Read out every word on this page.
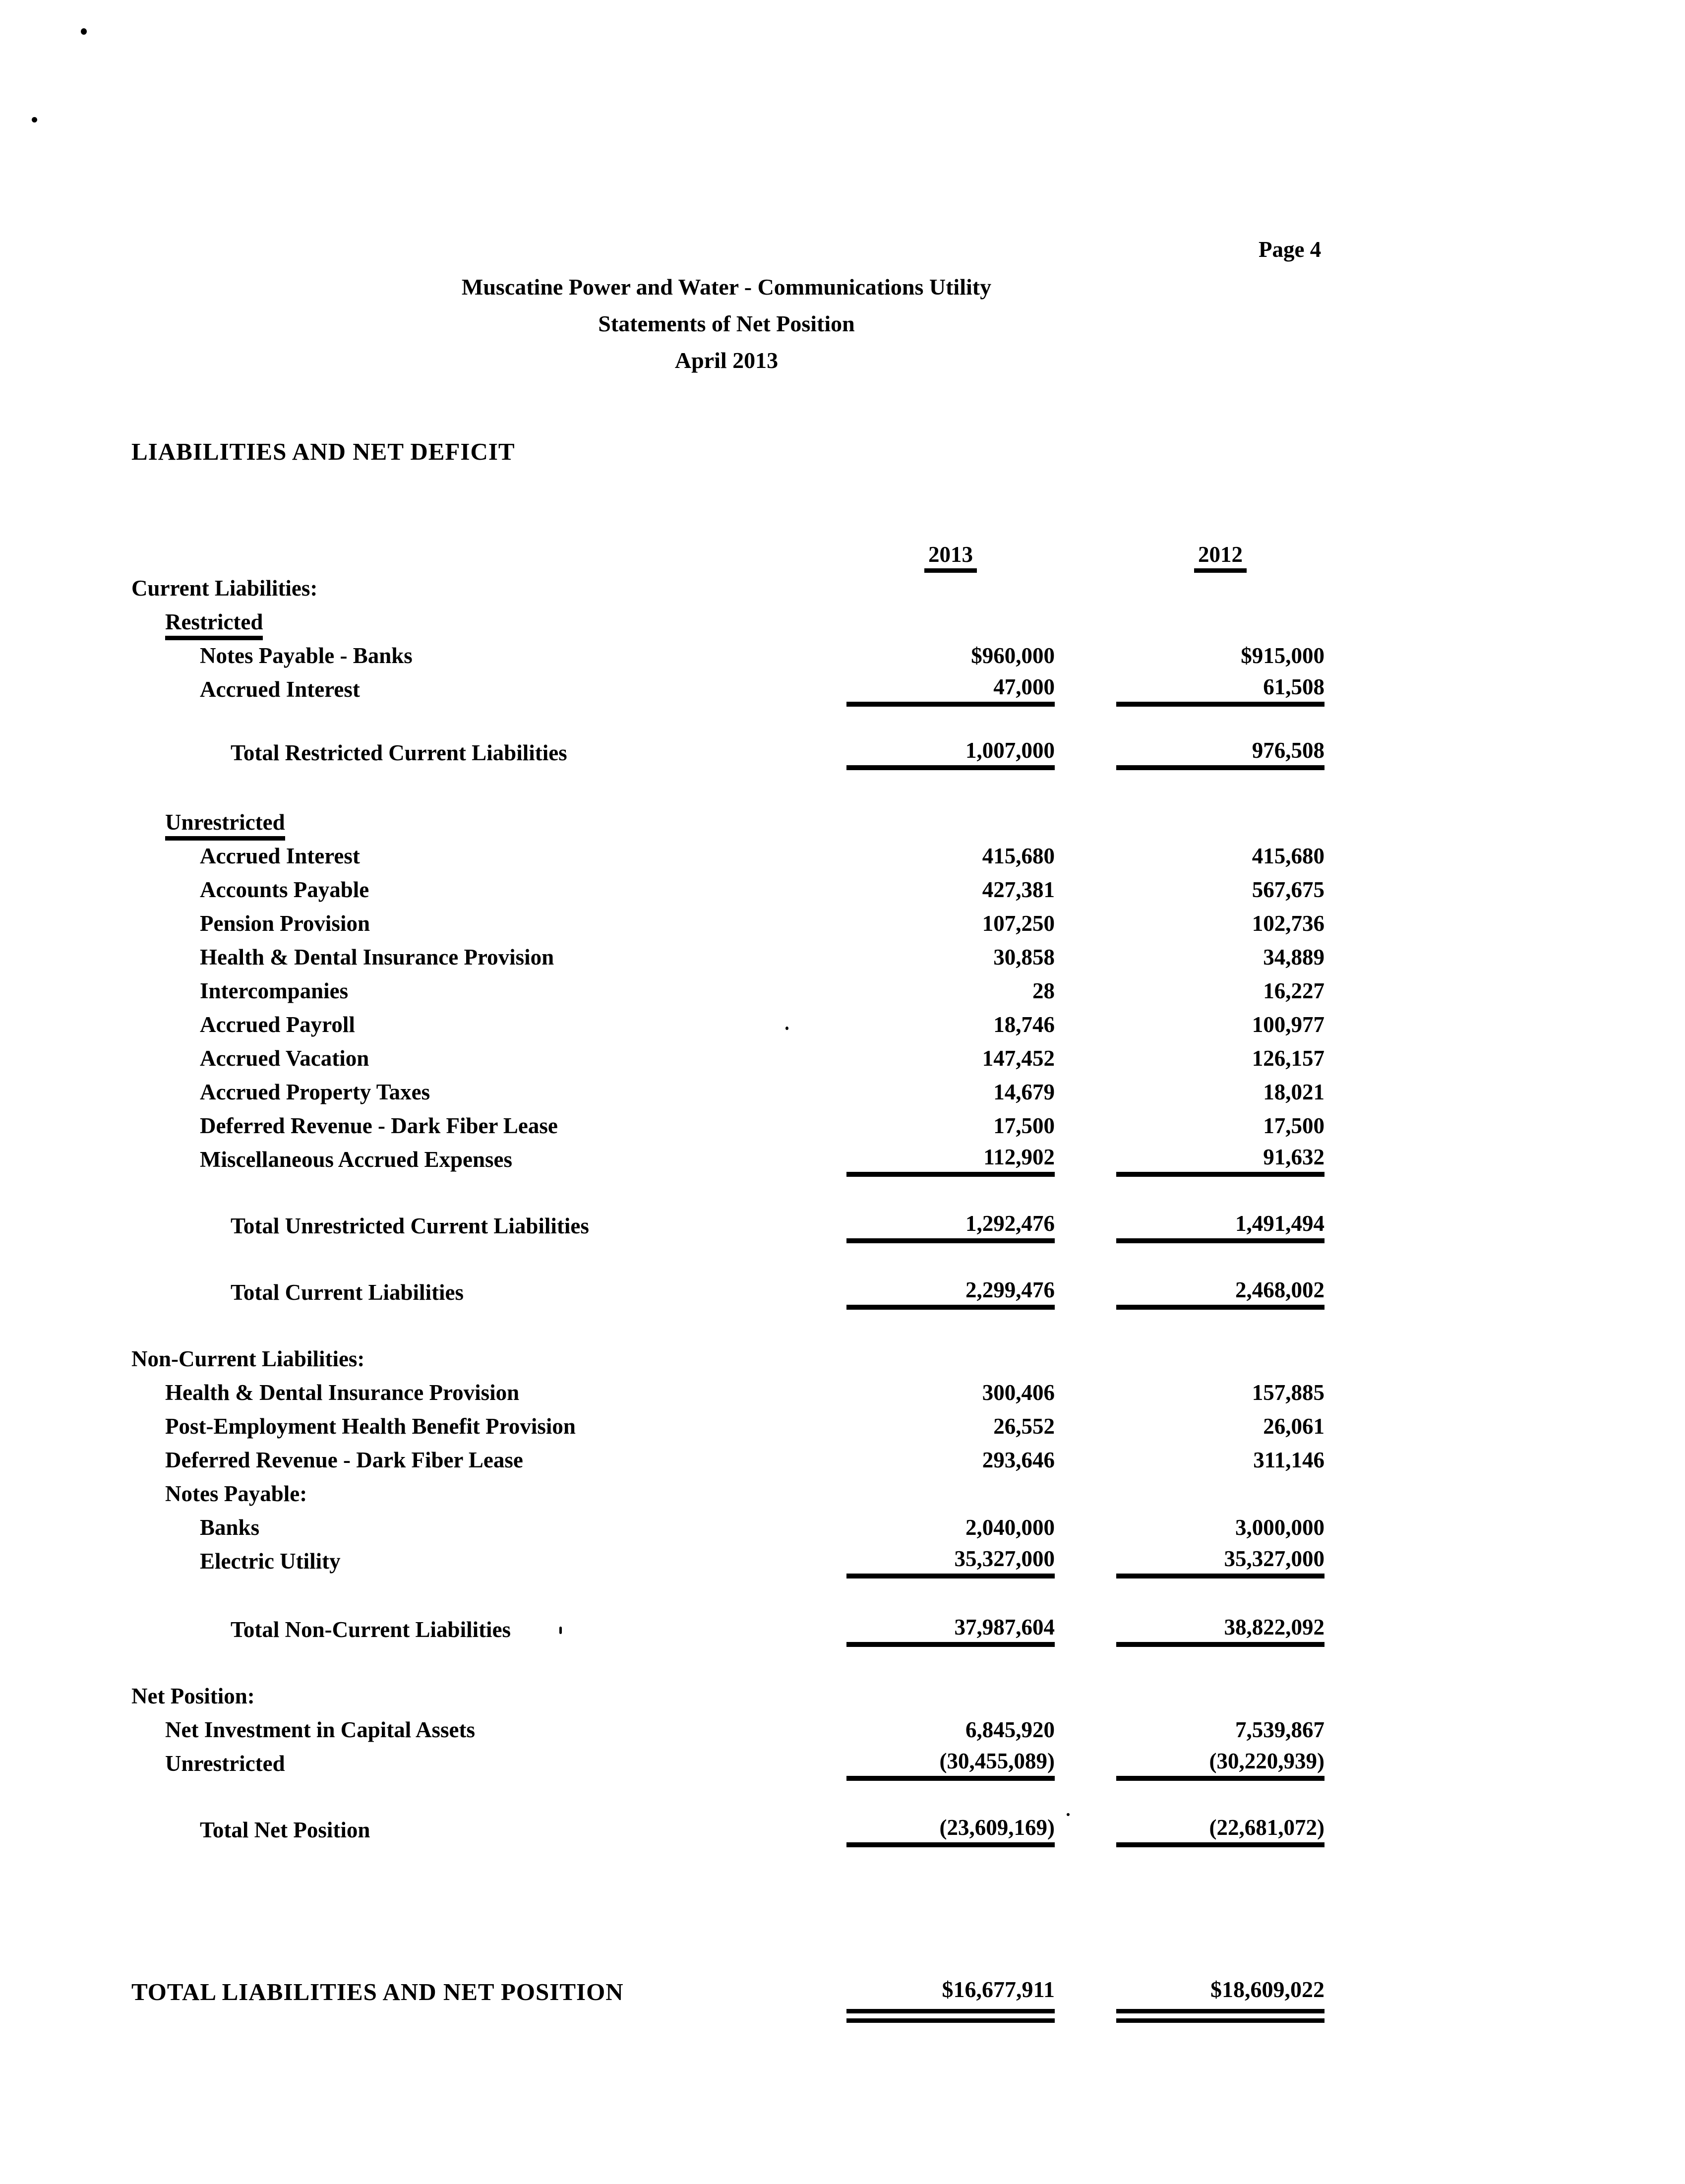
Page 4
Muscatine Power and Water - Communications Utility
Statements of Net Position
April 2013
LIABILITIES AND NET DEFICIT
2013	2012
Current Liabilities:
Restricted
Notes Payable - Banks	$960,000	$915,000
Accrued Interest	47,000	61,508
Total Restricted Current Liabilities	1,007,000	976,508
Unrestricted
Accrued Interest	415,680	415,680
Accounts Payable	427,381	567,675
Pension Provision	107,250	102,736
Health & Dental Insurance Provision	30,858	34,889
Intercompanies	28	16,227
Accrued Payroll	18,746	100,977
Accrued Vacation	147,452	126,157
Accrued Property Taxes	14,679	18,021
Deferred Revenue - Dark Fiber Lease	17,500	17,500
Miscellaneous Accrued Expenses	112,902	91,632
Total Unrestricted Current Liabilities	1,292,476	1,491,494
Total Current Liabilities	2,299,476	2,468,002
Non-Current Liabilities:
Health & Dental Insurance Provision	300,406	157,885
Post-Employment Health Benefit Provision	26,552	26,061
Deferred Revenue - Dark Fiber Lease	293,646	311,146
Notes Payable:
Banks	2,040,000	3,000,000
Electric Utility	35,327,000	35,327,000
Total Non-Current Liabilities	37,987,604	38,822,092
Net Position:
Net Investment in Capital Assets	6,845,920	7,539,867
Unrestricted	(30,455,089)	(30,220,939)
Total Net Position	(23,609,169)	(22,681,072)
TOTAL LIABILITIES AND NET POSITION	$16,677,911	$18,609,022
